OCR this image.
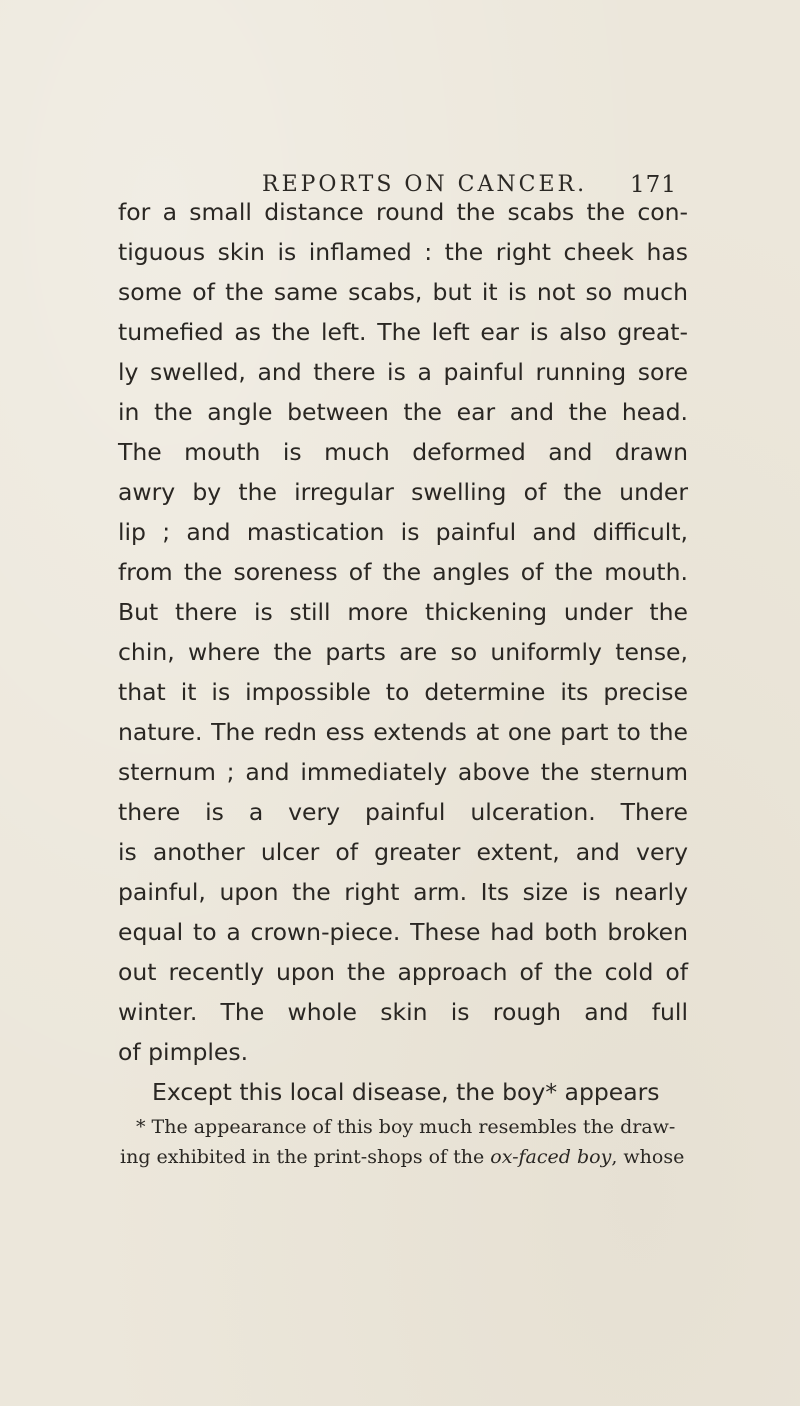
REPORTS ON CANCER. 171
for a small distance round the scabs the con-
tiguous skin is inflamed : the right cheek has
some of the same scabs, but it is not so much
tumefied as the left. The left ear is also great-
ly swelled, and there is a painful running sore
in the angle between the ear and the head.
The mouth is much deformed and drawn
awry by the irregular swelling of the under
lip ; and mastication is painful and difficult,
from the soreness of the angles of the mouth.
But there is still more thickening under the
chin, where the parts are so uniformly tense,
that it is impossible to determine its precise
nature. The redn ess extends at one part to the
sternum ; and immediately above the sternum
there is a very painful ulceration. There
is another ulcer of greater extent, and very
painful, upon the right arm. Its size is nearly
equal to a crown-piece. These had both broken
out recently upon the approach of the cold of
winter. The whole skin is rough and full
of pimples.
Except this local disease, the boy* appears
* The appearance of this boy much resembles the draw-
ing exhibited in the print-shops of the ox-faced boy, whose
